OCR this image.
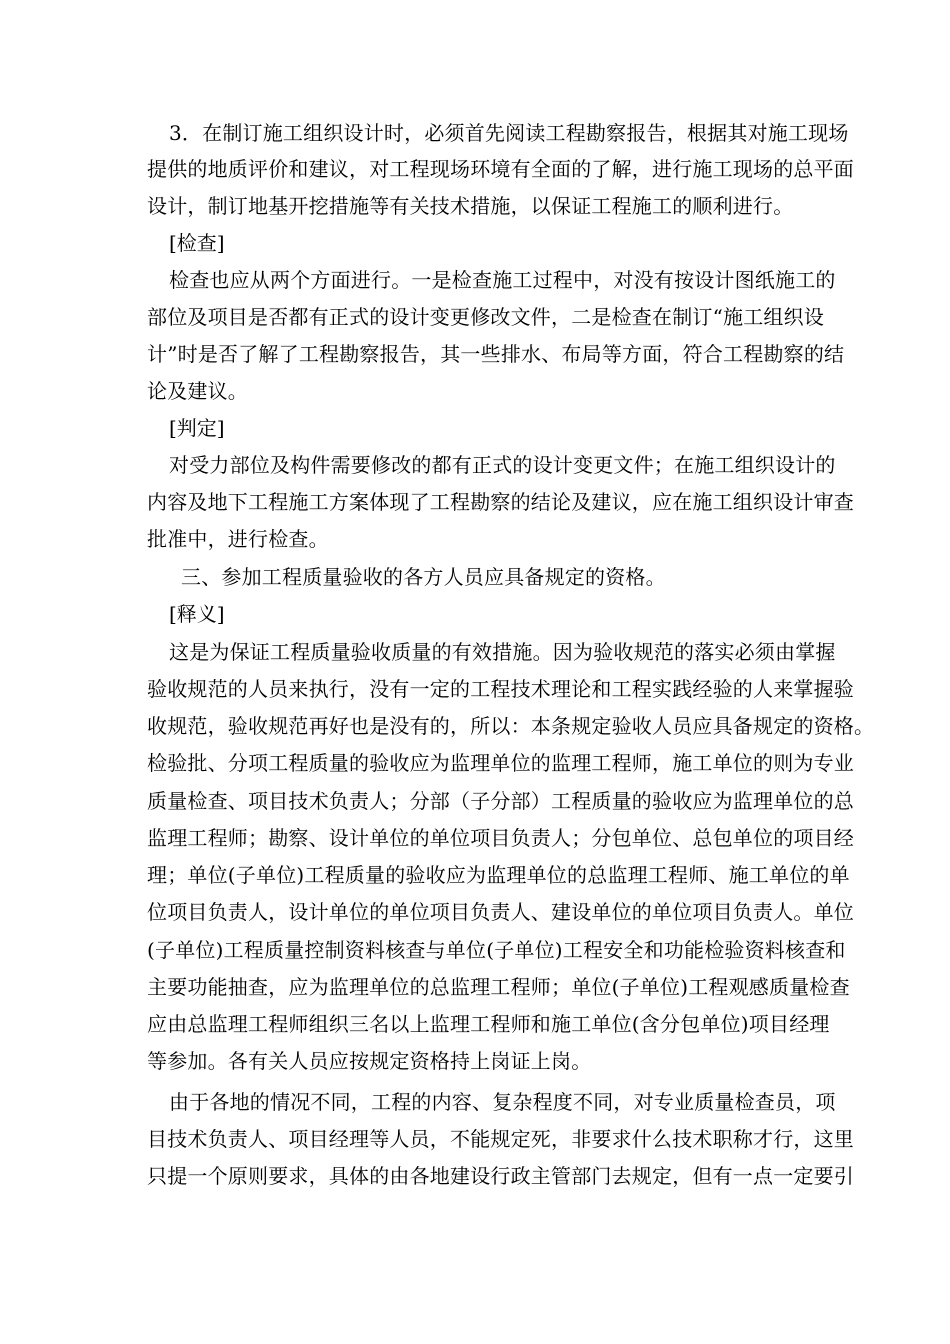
3．在制订施工组织设计时，必须首先阅读工程勘察报告，根据其对施工现场
提供的地质评价和建议，对工程现场环境有全面的了解，进行施工现场的总平面
设计，制订地基开挖措施等有关技术措施，以保证工程施工的顺利进行。
[检查]
检查也应从两个方面进行。一是检查施工过程中，对没有按设计图纸施工的
部位及项目是否都有正式的设计变更修改文件，二是检查在制订“施工组织设
计”时是否了解了工程勘察报告，其一些排水、布局等方面，符合工程勘察的结
论及建议。
[判定]
对受力部位及构件需要修改的都有正式的设计变更文件；在施工组织设计的
内容及地下工程施工方案体现了工程勘察的结论及建议，应在施工组织设计审查
批准中，进行检查。
三、参加工程质量验收的各方人员应具备规定的资格。
[释义]
这是为保证工程质量验收质量的有效措施。因为验收规范的落实必须由掌握
验收规范的人员来执行，没有一定的工程技术理论和工程实践经验的人来掌握验
收规范，验收规范再好也是没有的，所以：本条规定验收人员应具备规定的资格。
检验批、分项工程质量的验收应为监理单位的监理工程师，施工单位的则为专业
质量检查、项目技术负责人；分部（子分部）工程质量的验收应为监理单位的总
监理工程师；勘察、设计单位的单位项目负责人；分包单位、总包单位的项目经
理；单位(子单位)工程质量的验收应为监理单位的总监理工程师、施工单位的单
位项目负责人，设计单位的单位项目负责人、建设单位的单位项目负责人。单位
(子单位)工程质量控制资料核查与单位(子单位)工程安全和功能检验资料核查和
主要功能抽查，应为监理单位的总监理工程师；单位(子单位)工程观感质量检查
应由总监理工程师组织三名以上监理工程师和施工单位(含分包单位)项目经理
等参加。各有关人员应按规定资格持上岗证上岗。
由于各地的情况不同，工程的内容、复杂程度不同，对专业质量检查员，项
目技术负责人、项目经理等人员，不能规定死，非要求什么技术职称才行，这里
只提一个原则要求，具体的由各地建设行政主管部门去规定，但有一点一定要引
